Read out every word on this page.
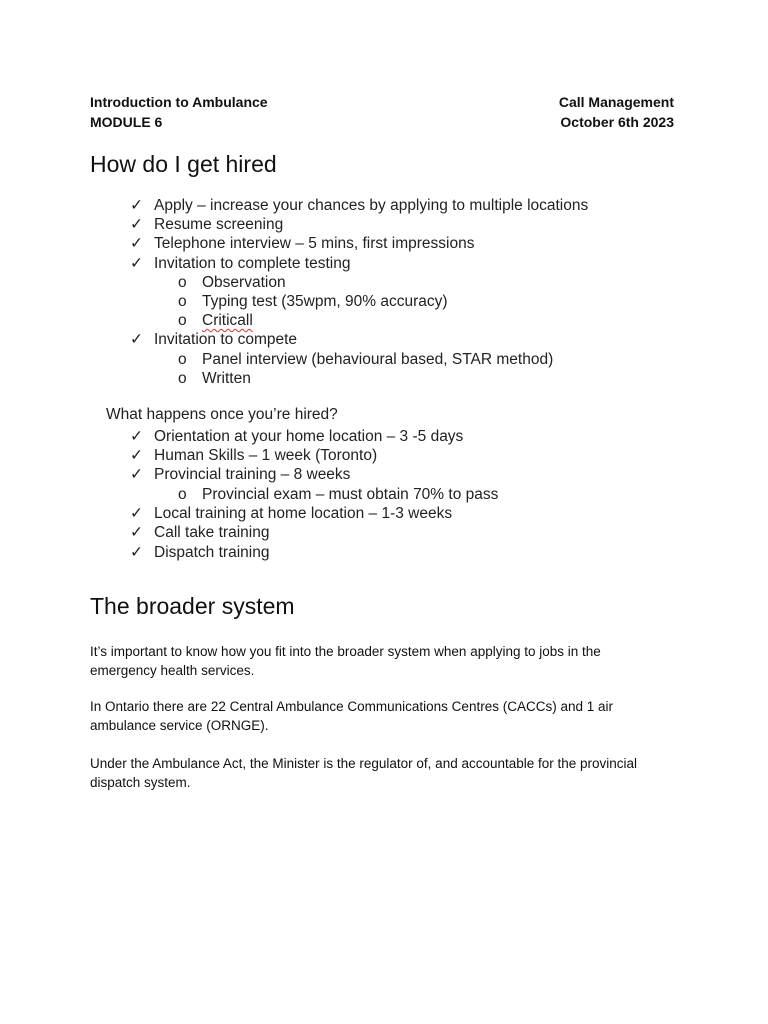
Introduction to Ambulance
MODULE 6
Call Management
October 6th 2023
How do I get hired
✓ Apply – increase your chances by applying to multiple locations
✓ Resume screening
✓ Telephone interview – 5 mins, first impressions
✓ Invitation to complete testing
o Observation
o Typing test (35wpm, 90% accuracy)
o Criticall
✓ Invitation to compete
o Panel interview (behavioural based, STAR method)
o Written
What happens once you’re hired?
✓ Orientation at your home location – 3 -5 days
✓ Human Skills – 1 week (Toronto)
✓ Provincial training – 8 weeks
o Provincial exam – must obtain 70% to pass
✓ Local training at home location – 1-3 weeks
✓ Call take training
✓ Dispatch training
The broader system
It’s important to know how you fit into the broader system when applying to jobs in the emergency health services.
In Ontario there are 22 Central Ambulance Communications Centres (CACCs) and 1 air ambulance service (ORNGE).
Under the Ambulance Act, the Minister is the regulator of, and accountable for the provincial dispatch system.
